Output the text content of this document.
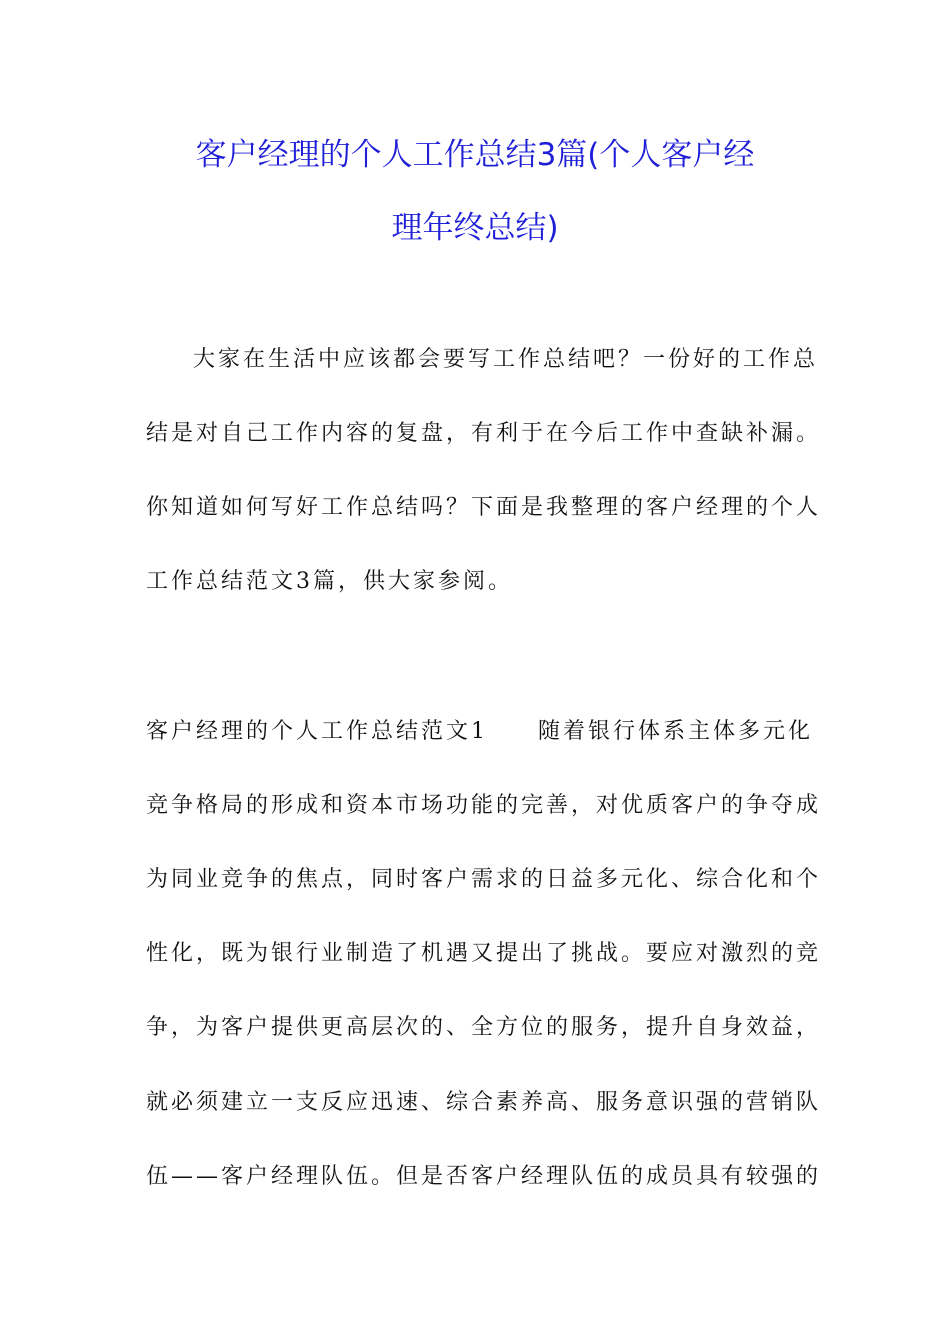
客户经理的个人工作总结3篇(个人客户经
理年终总结)
大家在生活中应该都会要写工作总结吧？一份好的工作总
结是对自己工作内容的复盘，有利于在今后工作中查缺补漏。
你知道如何写好工作总结吗？下面是我整理的客户经理的个人
工作总结范文3篇，供大家参阅。
客户经理的个人工作总结范文1　　随着银行体系主体多元化
竞争格局的形成和资本市场功能的完善，对优质客户的争夺成
为同业竞争的焦点，同时客户需求的日益多元化、综合化和个
性化，既为银行业制造了机遇又提出了挑战。要应对激烈的竞
争，为客户提供更高层次的、全方位的服务，提升自身效益，
就必须建立一支反应迅速、综合素养高、服务意识强的营销队
伍——客户经理队伍。但是否客户经理队伍的成员具有较强的
